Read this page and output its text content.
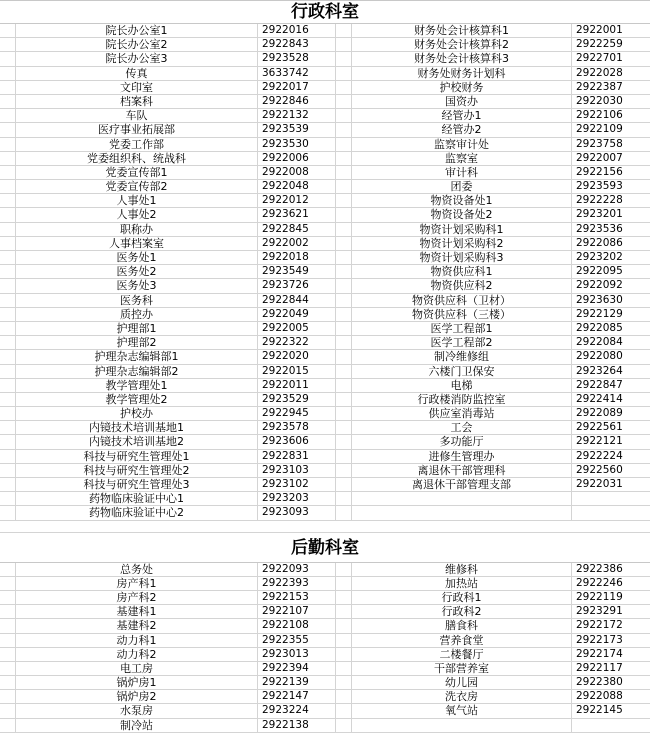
行政科室
院长办公室1	2922016	财务处会计核算科1	2922001
院长办公室2	2922843	财务处会计核算科2	2922259
院长办公室3	2923528	财务处会计核算科3	2922701
传真	3633742	财务处财务计划科	2922028
文印室	2922017	护校财务	2922387
档案科	2922846	国资办	2922030
车队	2922132	经管办1	2922106
医疗事业拓展部	2923539	经管办2	2922109
党委工作部	2923530	监察审计处	2923758
党委组织科、统战科	2922006	监察室	2922007
党委宣传部1	2922008	审计科	2922156
党委宣传部2	2922048	团委	2923593
人事处1	2922012	物资设备处1	2922228
人事处2	2923621	物资设备处2	2923201
职称办	2922845	物资计划采购科1	2923536
人事档案室	2922002	物资计划采购科2	2922086
医务处1	2922018	物资计划采购科3	2923202
医务处2	2923549	物资供应科1	2922095
医务处3	2923726	物资供应科2	2922092
医务科	2922844	物资供应科（卫材）	2923630
质控办	2922049	物资供应科（三楼）	2922129
护理部1	2922005	医学工程部1	2922085
护理部2	2922322	医学工程部2	2922084
护理杂志编辑部1	2922020	制冷维修组	2922080
护理杂志编辑部2	2922015	六楼门卫保安	2923264
教学管理处1	2922011	电梯	2922847
教学管理处2	2923529	行政楼消防监控室	2922414
护校办	2922945	供应室消毒站	2922089
内镜技术培训基地1	2923578	工会	2922561
内镜技术培训基地2	2923606	多功能厅	2922121
科技与研究生管理处1	2922831	进修生管理办	2922224
科技与研究生管理处2	2923103	离退休干部管理科	2922560
科技与研究生管理处3	2923102	离退休干部管理支部	2922031
药物临床验证中心1	2923203
药物临床验证中心2	2923093
后勤科室
总务处	2922093	维修科	2922386
房产科1	2922393	加热站	2922246
房产科2	2922153	行政科1	2922119
基建科1	2922107	行政科2	2923291
基建科2	2922108	膳食科	2922172
动力科1	2922355	营养食堂	2922173
动力科2	2923013	二楼餐厅	2922174
电工房	2922394	干部营养室	2922117
锅炉房1	2922139	幼儿园	2922380
锅炉房2	2922147	洗衣房	2922088
水泵房	2923224	氧气站	2922145
制冷站	2922138
